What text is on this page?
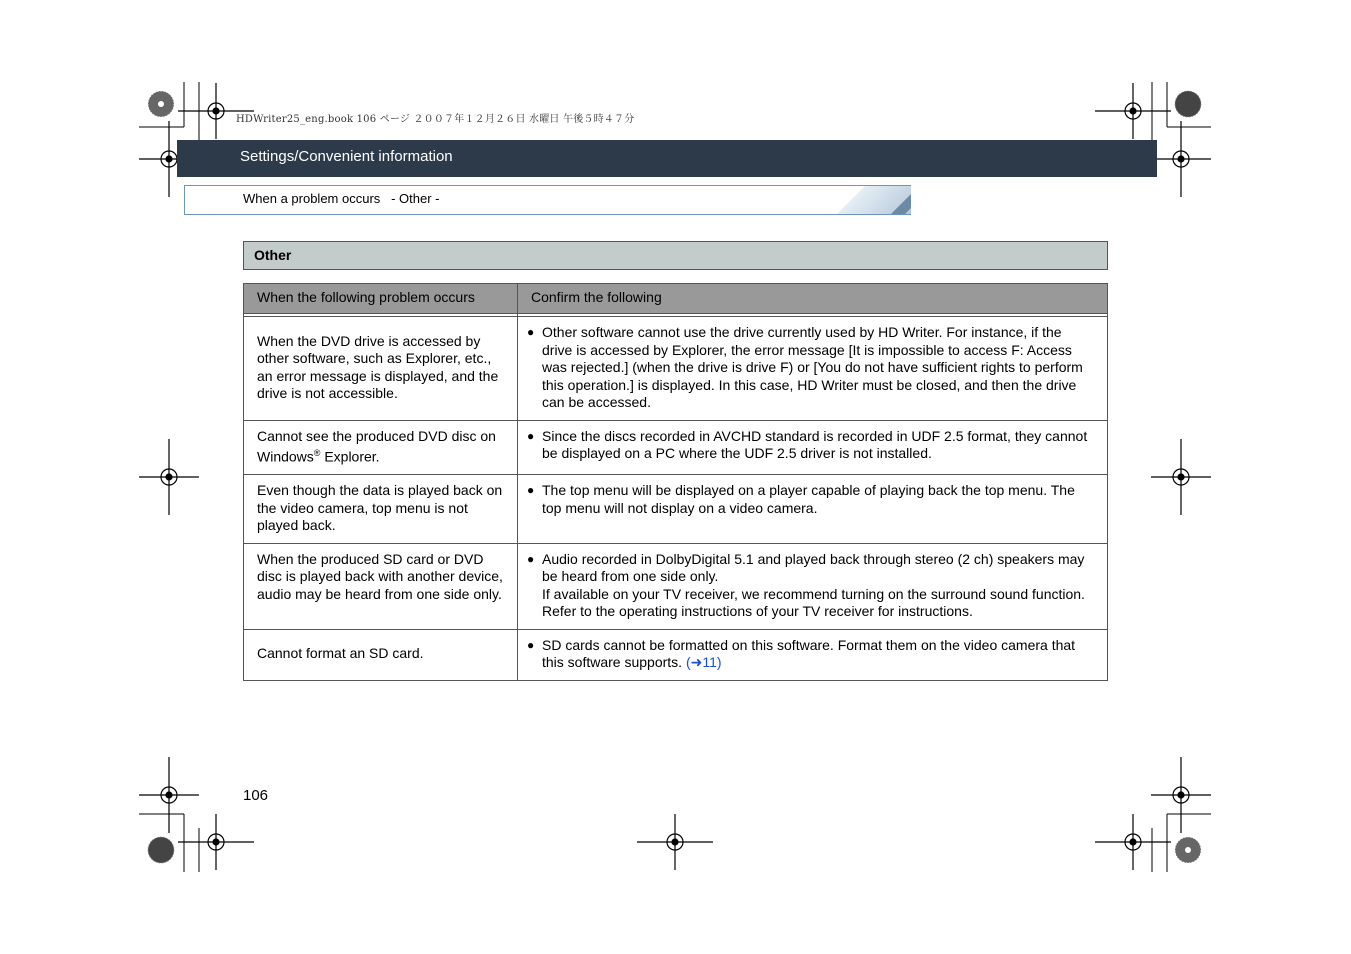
HDWriter25_eng.book 106 ページ ２００７年１２月２６日 水曜日 午後５時４７分
Settings/Convenient information
When a problem occurs   - Other -
Other
When the following problem occurs	Confirm the following

When the DVD drive is accessed by other software, such as Explorer, etc., an error message is displayed, and the drive is not accessible.	● Other software cannot use the drive currently used by HD Writer. For instance, if the drive is accessed by Explorer, the error message [It is impossible to access F: Access was rejected.] (when the drive is drive F) or [You do not have sufficient rights to perform this operation.] is displayed. In this case, HD Writer must be closed, and then the drive can be accessed.

Cannot see the produced DVD disc on Windows® Explorer.	● Since the discs recorded in AVCHD standard is recorded in UDF 2.5 format, they cannot be displayed on a PC where the UDF 2.5 driver is not installed.

Even though the data is played back on the video camera, top menu is not played back.	● The top menu will be displayed on a player capable of playing back the top menu. The top menu will not display on a video camera.

When the produced SD card or DVD disc is played back with another device, audio may be heard from one side only.	● Audio recorded in DolbyDigital 5.1 and played back through stereo (2 ch) speakers may be heard from one side only.
If available on your TV receiver, we recommend turning on the surround sound function. Refer to the operating instructions of your TV receiver for instructions.

Cannot format an SD card.	● SD cards cannot be formatted on this software. Format them on the video camera that this software supports. (➜11)
106
